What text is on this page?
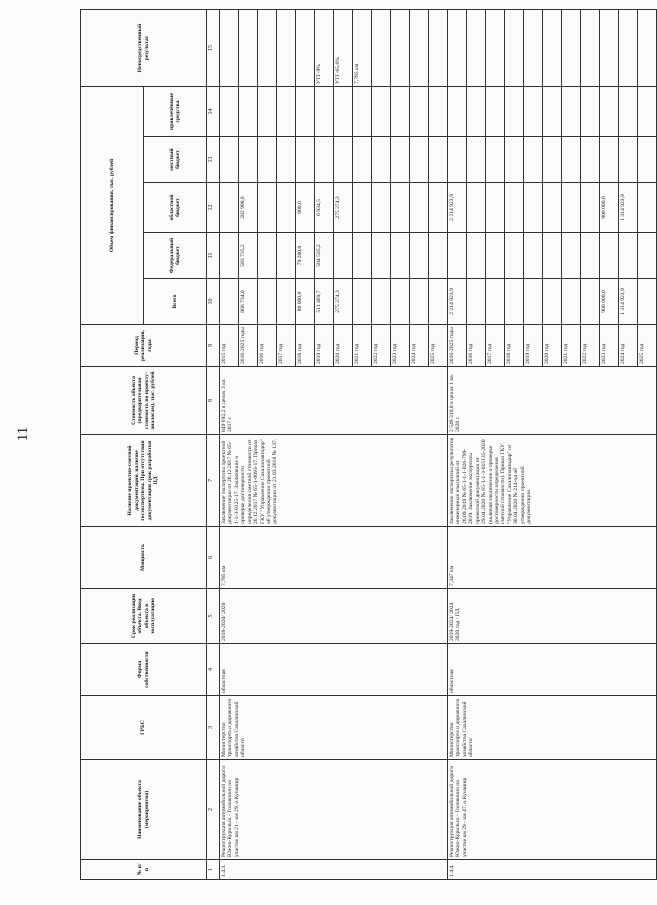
11
№ п/п	Наименование объекта (мероприятия)	ГРБС	Форма собственности	Срок реализации объекта. Ввод объекта в эксплуатацию	Мощность	Наличие проектно-сметной документации, наличие госэкспертизы. При отсутствии документации срок разработки ПД	Стоимость объекта (предварительная стоимость по проекту-аналогам), тыс. рублей	Период реализации, годы	Объем финансирования, тыс. рублей					Непосредственный результат
									Всего	Федеральный бюджет	областной бюджет	местный бюджет	привлечённые средства	
1	2	3	4	5	6	7	8	9	10	11	12	13	14	15
1.4.3.	Реконструкция автомобильной дороги Южно-Курильск - Головнино на участке км 21 - км 29, о.Кунашир	Министерство транспорта и дорожного хозяйства Сахалинской области	областная	2018-2020/ 2020	7,785 км	Заключение экспертизы проектной документации от 26.12.2017 № 65-1-1-3-0125-17. Заключение о проверке достоверности определения сметной стоимости от 26.12.2017 № 65-1-0093-17. Приказ ГКУ "Управление Сахалинавтодор" об утверждении проектной документации от 21.03.2018 № 137.	849 692,2 в ценах 3 кв. 2017 г.	2015 год						
								2016-2025 годы	866 734,0	583 735,2	282 998,8			
								2016 год						
								2017 год						
								2018 год	80 000,0	79 200,0	800,0			
								2019 год	511 469,7	504 535,2	6 934,5			УТГ-9%
								2020 год	275 274,3		275 274,3			УТГ-65,6%
								2021 год						7,785 км
								2022 год						
								2023 год						
								2024 год						
								2025 год						
1.4.4.	Реконструкция автомобильной дороги Южно-Курильск - Головнино на участке км 29 - км 47, о.Кунашир	Министерство транспорта и дорожного хозяйства Сахалинской области	областная	2019-2024/ 2024 2020 год - ПД	7,347 км	Заключение экспертизы результатов инженерных изысканий от 26.09.2019 № 65-1-1-1-026-799-2019. Заключение экспертизы проектной документации от 29.04.2020 № 65-1-1-3-015135-2020 (включая заключение о проверке достоверности определения сметной стоимости). Приказ ГКУ "Управление Сахалинавтодор" от 30.04.2020 № 214-од об утверждении проектной документации.	2 549 310,0 в ценах 1 кв. 2020 г.	2016-2025 годы	2 214 923,9		2 214 923,9			
								2016 год						
								2017 год						
								2018 год						
								2019 год						
								2020 год						
								2021 год						
								2022 год						
								2023 год	900 000,0		900 000,0			
								2024 год	1 314 923,9		1 314 923,9			
								2025 год						
